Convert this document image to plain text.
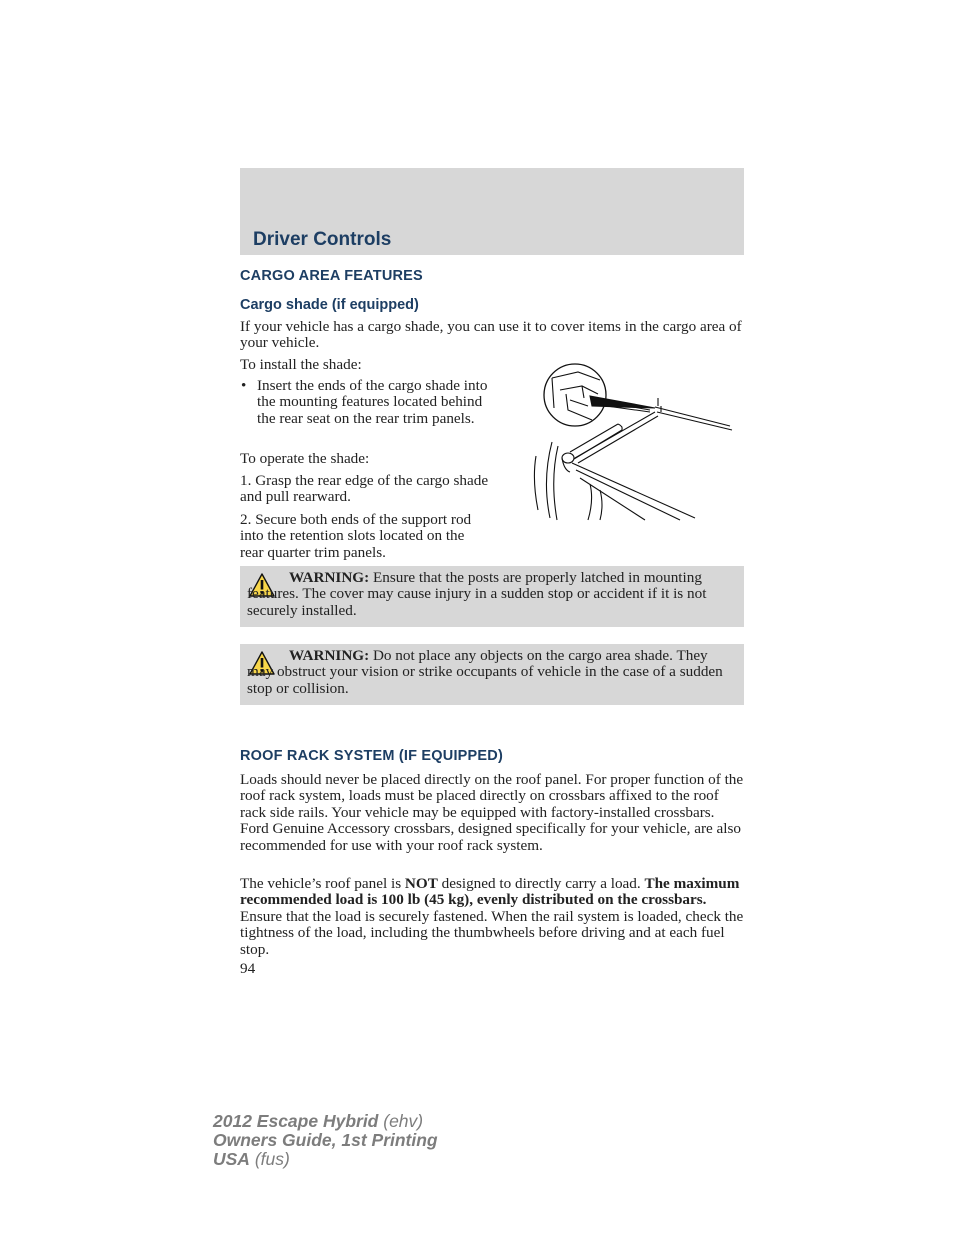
Driver Controls
CARGO AREA FEATURES
Cargo shade (if equipped)

If your vehicle has a cargo shade, you can use it to cover items in the cargo area of your vehicle.

To install the shade:

• Insert the ends of the cargo shade into the mounting features located behind the rear seat on the rear trim panels.

To operate the shade:

1. Grasp the rear edge of the cargo shade and pull rearward.

2. Secure both ends of the support rod into the retention slots located on the rear quarter trim panels.

WARNING: Ensure that the posts are properly latched in mounting features. The cover may cause injury in a sudden stop or accident if it is not securely installed.
WARNING: Do not place any objects on the cargo area shade. They may obstruct your vision or strike occupants of vehicle in the case of a sudden stop or collision.
ROOF RACK SYSTEM (IF EQUIPPED)

Loads should never be placed directly on the roof panel. For proper function of the roof rack system, loads must be placed directly on crossbars affixed to the roof rack side rails. Your vehicle may be equipped with factory-installed crossbars. Ford Genuine Accessory crossbars, designed specifically for your vehicle, are also recommended for use with your roof rack system.

The vehicle’s roof panel is NOT designed to directly carry a load. The maximum recommended load is 100 lb (45 kg), evenly distributed on the crossbars. Ensure that the load is securely fastened. When the rail system is loaded, check the tightness of the load, including the thumbwheels before driving and at each fuel stop.

94
2012 Escape Hybrid (ehv)
Owners Guide, 1st Printing
USA (fus)
